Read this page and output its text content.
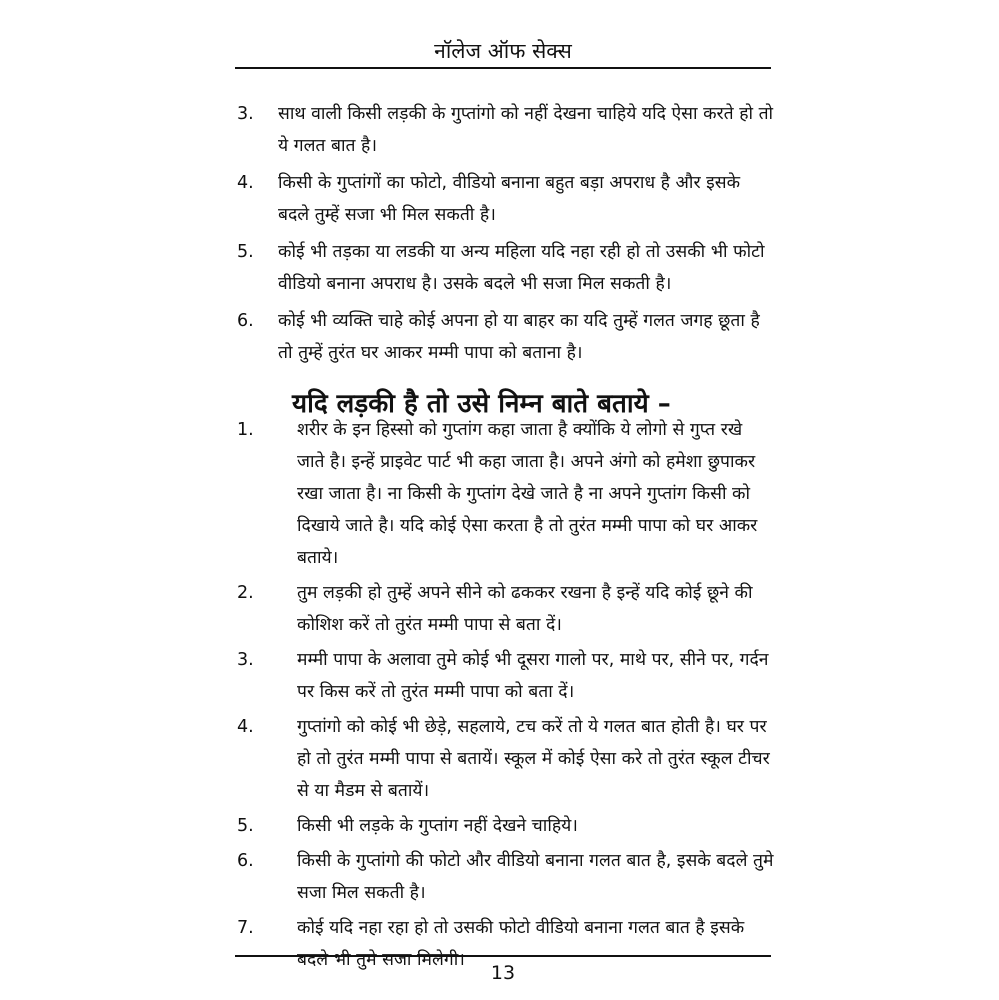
नॉलेज ऑफ सेक्स
3.	साथ वाली किसी लड़की के गुप्तांगो को नहीं देखना चाहिये यदि ऐसा करते हो तो ये गलत बात है।
4.	किसी के गुप्तांगों का फोटो, वीडियो बनाना बहुत बड़ा अपराध है और इसके बदले तुम्हें सजा भी मिल सकती है।
5.	कोई भी तड़का या लडकी या अन्य महिला यदि नहा रही हो तो उसकी भी फोटो वीडियो बनाना अपराध है। उसके बदले भी सजा मिल सकती है।
6.	कोई भी व्यक्ति चाहे कोई अपना हो या बाहर का यदि तुम्हें गलत जगह छूता है तो तुम्हें तुरंत घर आकर मम्मी पापा को बताना है।
यदि लड़की है तो उसे निम्न बाते बताये –
1.	शरीर के इन हिस्सो को गुप्तांग कहा जाता है क्योंकि ये लोगो से गुप्त रखे जाते है। इन्हें प्राइवेट पार्ट भी कहा जाता है। अपने अंगो को हमेशा छुपाकर रखा जाता है। ना किसी के गुप्तांग देखे जाते है ना अपने गुप्तांग किसी को दिखाये जाते है। यदि कोई ऐसा करता है तो तुरंत मम्मी पापा को घर आकर बताये।
2.	तुम लड़की हो तुम्हें अपने सीने को ढककर रखना है इन्हें यदि कोई छूने की कोशिश करें तो तुरंत मम्मी पापा से बता दें।
3.	मम्मी पापा के अलावा तुमे कोई भी दूसरा गालो पर, माथे पर, सीने पर, गर्दन पर किस करें तो तुरंत मम्मी पापा को बता दें।
4.	गुप्तांगो को कोई भी छेड़े, सहलाये, टच करें तो ये गलत बात होती है। घर पर हो तो तुरंत मम्मी पापा से बतायें। स्कूल में कोई ऐसा करे तो तुरंत स्कूल टीचर से या मैडम से बतायें।
5.	किसी भी लड़के के गुप्तांग नहीं देखने चाहिये।
6.	किसी के गुप्तांगो की फोटो और वीडियो बनाना गलत बात है, इसके बदले तुमे सजा मिल सकती है।
7.	कोई यदि नहा रहा हो तो उसकी फोटो वीडियो बनाना गलत बात है इसके बदले भी तुमे सजा मिलेगी।
13
